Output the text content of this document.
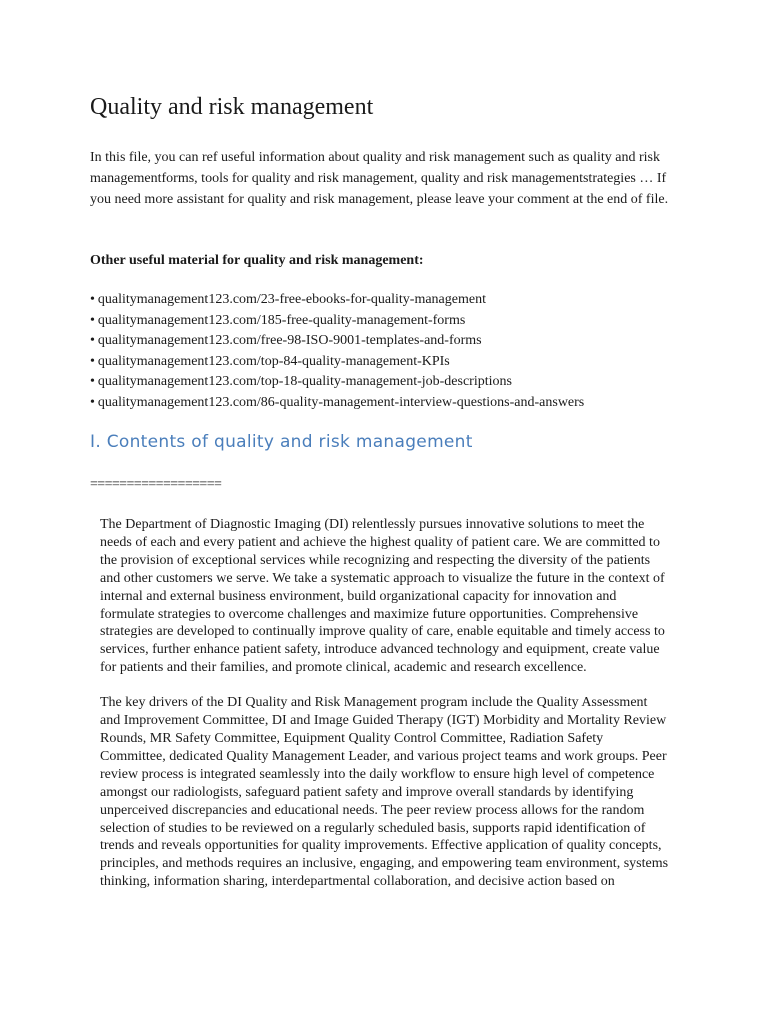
Quality and risk management

In this file, you can ref useful information about quality and risk management such as quality and risk managementforms, tools for quality and risk management, quality and risk managementstrategies … If you need more assistant for quality and risk management, please leave your comment at the end of file.

Other useful material for quality and risk management:

• qualitymanagement123.com/23-free-ebooks-for-quality-management
• qualitymanagement123.com/185-free-quality-management-forms
• qualitymanagement123.com/free-98-ISO-9001-templates-and-forms
• qualitymanagement123.com/top-84-quality-management-KPIs
• qualitymanagement123.com/top-18-quality-management-job-descriptions
• qualitymanagement123.com/86-quality-management-interview-questions-and-answers
I. Contents of quality and risk management

==================

The Department of Diagnostic Imaging (DI) relentlessly pursues innovative solutions to meet the needs of each and every patient and achieve the highest quality of patient care. We are committed to the provision of exceptional services while recognizing and respecting the diversity of the patients and other customers we serve. We take a systematic approach to visualize the future in the context of internal and external business environment, build organizational capacity for innovation and formulate strategies to overcome challenges and maximize future opportunities. Comprehensive strategies are developed to continually improve quality of care, enable equitable and timely access to services, further enhance patient safety, introduce advanced technology and equipment, create value for patients and their families, and promote clinical, academic and research excellence.

The key drivers of the DI Quality and Risk Management program include the Quality Assessment and Improvement Committee, DI and Image Guided Therapy (IGT) Morbidity and Mortality Review Rounds, MR Safety Committee, Equipment Quality Control Committee, Radiation Safety Committee, dedicated Quality Management Leader, and various project teams and work groups. Peer review process is integrated seamlessly into the daily workflow to ensure high level of competence amongst our radiologists, safeguard patient safety and improve overall standards by identifying unperceived discrepancies and educational needs. The peer review process allows for the random selection of studies to be reviewed on a regularly scheduled basis, supports rapid identification of trends and reveals opportunities for quality improvements. Effective application of quality concepts, principles, and methods requires an inclusive, engaging, and empowering team environment, systems thinking, information sharing, interdepartmental collaboration, and decisive action based on
